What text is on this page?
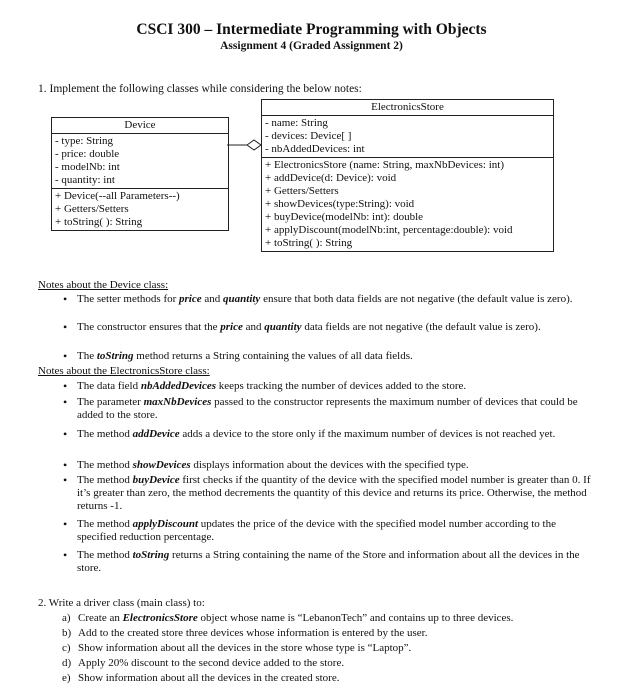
CSCI 300 – Intermediate Programming with Objects
Assignment 4 (Graded Assignment 2)
1. Implement the following classes while considering the below notes:
Device
- type: String
- price: double
- modelNb: int
- quantity: int
+ Device(--all Parameters--)
+ Getters/Setters
+ toString( ): String
ElectronicsStore
- name: String
- devices: Device[ ]
- nbAddedDevices: int
+ ElectronicsStore (name: String, maxNbDevices: int)
+ addDevice(d: Device): void
+ Getters/Setters
+ showDevices(type:String): void
+ buyDevice(modelNb: int): double
+ applyDiscount(modelNb:int, percentage:double): void
+ toString( ): String
Notes about the Device class:
• The setter methods for price and quantity ensure that both data fields are not negative (the default value is zero).
• The constructor ensures that the price and quantity data fields are not negative (the default value is zero).
• The toString method returns a String containing the values of all data fields.
Notes about the ElectronicsStore class:
• The data field nbAddedDevices keeps tracking the number of devices added to the store.
• The parameter maxNbDevices passed to the constructor represents the maximum number of devices that could be added to the store.
• The method addDevice adds a device to the store only if the maximum number of devices is not reached yet.
• The method showDevices displays information about the devices with the specified type.
• The method buyDevice first checks if the quantity of the device with the specified model number is greater than 0. If it’s greater than zero, the method decrements the quantity of this device and returns its price. Otherwise, the method returns -1.
• The method applyDiscount updates the price of the device with the specified model number according to the specified reduction percentage.
• The method toString returns a String containing the name of the Store and information about all the devices in the store.
2. Write a driver class (main class) to:
a) Create an ElectronicsStore object whose name is “LebanonTech” and contains up to three devices.
b) Add to the created store three devices whose information is entered by the user.
c) Show information about all the devices in the store whose type is “Laptop”.
d) Apply 20% discount to the second device added to the store.
e) Show information about all the devices in the created store.
